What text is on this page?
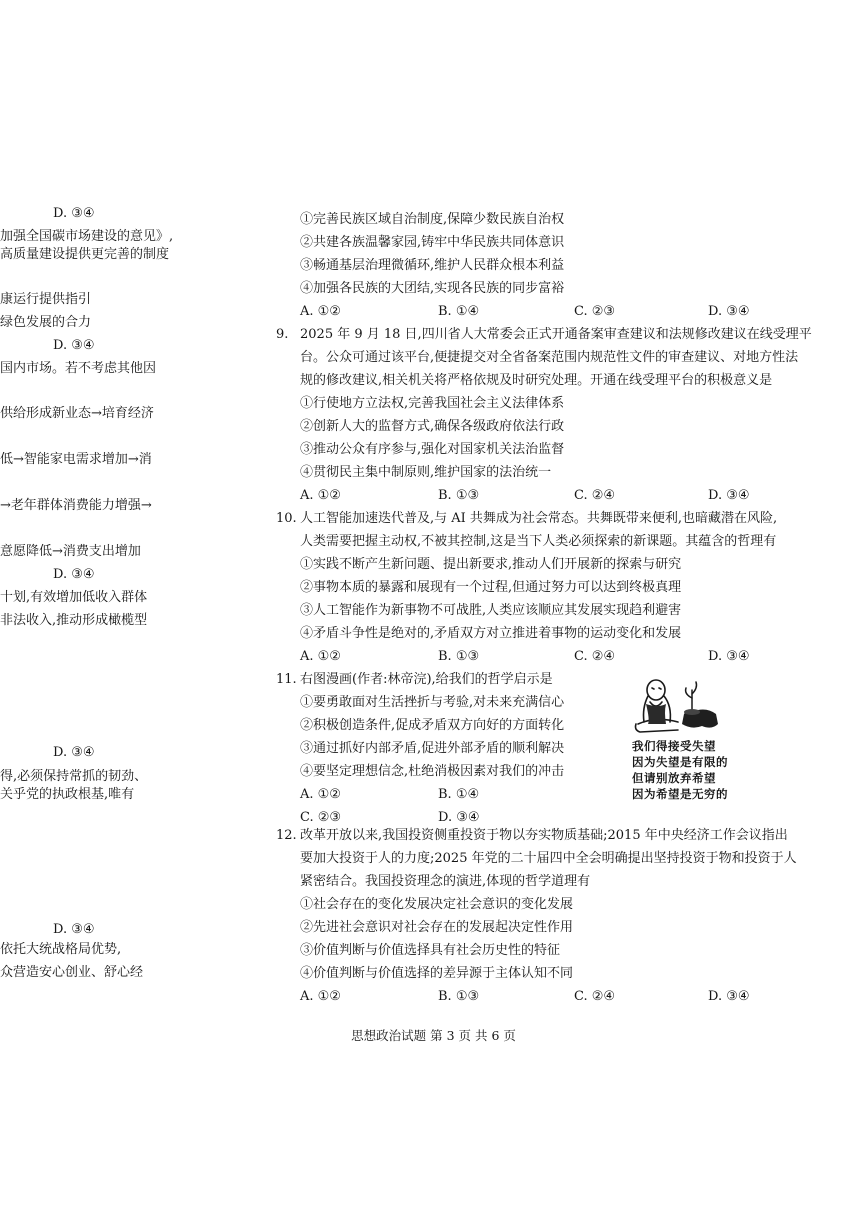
D. ③④
加强全国碳市场建设的意见》,
高质量建设提供更完善的制度
康运行提供指引
绿色发展的合力
D. ③④
国内市场。若不考虑其他因
供给形成新业态→培育经济
低→智能家电需求增加→消
→老年群体消费能力增强→
意愿降低→消费支出增加
D. ③④
十划,有效增加低收入群体
非法收入,推动形成橄榄型
D. ③④
得,必须保持常抓的韧劲、
关乎党的执政根基,唯有
D. ③④
依托大统战格局优势,
众营造安心创业、舒心经
①完善民族区域自治制度,保障少数民族自治权
②共建各族温馨家园,铸牢中华民族共同体意识
③畅通基层治理微循环,维护人民群众根本利益
④加强各民族的大团结,实现各民族的同步富裕
A. ①②	B. ①④	C. ②③	D. ③④
9. 2025 年 9 月 18 日,四川省人大常委会正式开通备案审查建议和法规修改建议在线受理平
台。公众可通过该平台,便捷提交对全省备案范围内规范性文件的审查建议、对地方性法
规的修改建议,相关机关将严格依规及时研究处理。开通在线受理平台的积极意义是
①行使地方立法权,完善我国社会主义法律体系
②创新人大的监督方式,确保各级政府依法行政
③推动公众有序参与,强化对国家机关法治监督
④贯彻民主集中制原则,维护国家的法治统一
A. ①②	B. ①③	C. ②④	D. ③④
10. 人工智能加速迭代普及,与 AI 共舞成为社会常态。共舞既带来便利,也暗藏潜在风险,
人类需要把握主动权,不被其控制,这是当下人类必须探索的新课题。其蕴含的哲理有
①实践不断产生新问题、提出新要求,推动人们开展新的探索与研究
②事物本质的暴露和展现有一个过程,但通过努力可以达到终极真理
③人工智能作为新事物不可战胜,人类应该顺应其发展实现趋利避害
④矛盾斗争性是绝对的,矛盾双方对立推进着事物的运动变化和发展
A. ①②	B. ①③	C. ②④	D. ③④
11. 右图漫画(作者:林帝浣),给我们的哲学启示是
①要勇敢面对生活挫折与考验,对未来充满信心
②积极创造条件,促成矛盾双方向好的方面转化
③通过抓好内部矛盾,促进外部矛盾的顺利解决
④要坚定理想信念,杜绝消极因素对我们的冲击
A. ①②	B. ①④
C. ②③	D. ③④
我们得接受失望
因为失望是有限的
但请别放弃希望
因为希望是无穷的
12. 改革开放以来,我国投资侧重投资于物以夯实物质基础;2015 年中央经济工作会议指出
要加大投资于人的力度;2025 年党的二十届四中全会明确提出坚持投资于物和投资于人
紧密结合。我国投资理念的演进,体现的哲学道理有
①社会存在的变化发展决定社会意识的变化发展
②先进社会意识对社会存在的发展起决定性作用
③价值判断与价值选择具有社会历史性的特征
④价值判断与价值选择的差异源于主体认知不同
A. ①②	B. ①③	C. ②④	D. ③④
思想政治试题 第 3 页 共 6 页
